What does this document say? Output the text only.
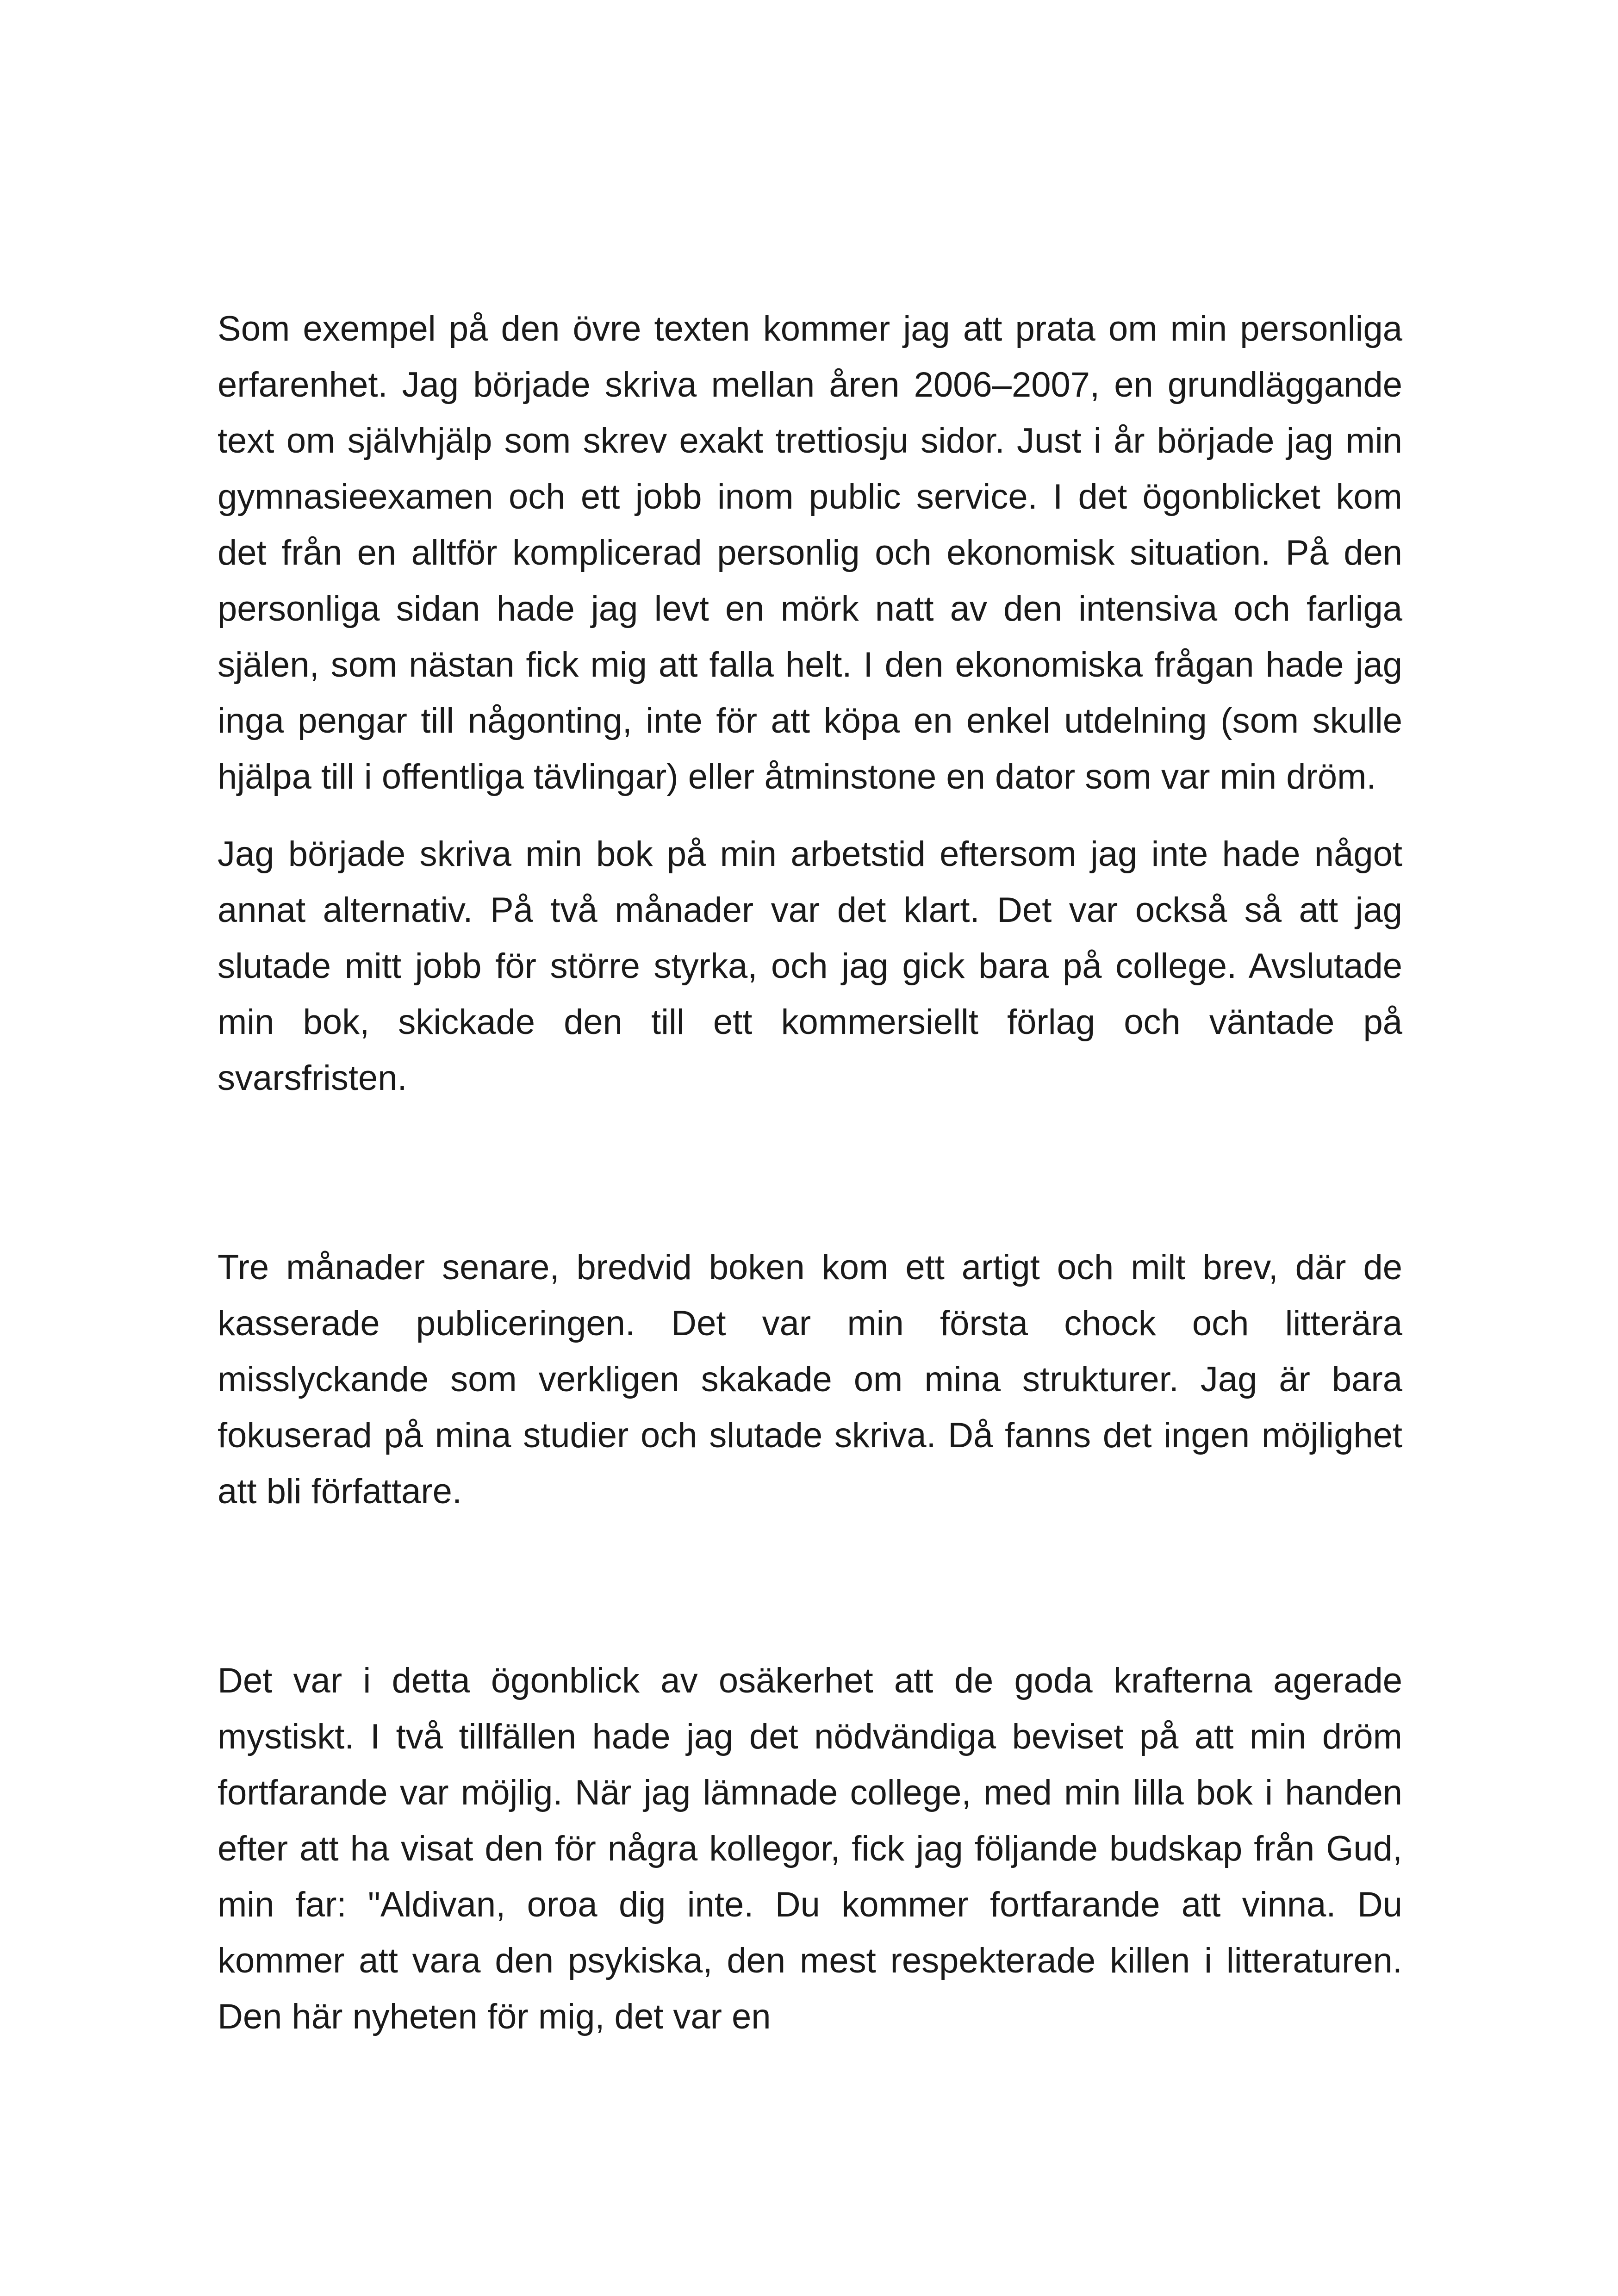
Som exempel på den övre texten kommer jag att prata om min personliga erfarenhet. Jag började skriva mellan åren 2006–2007, en grundläggande text om självhjälp som skrev exakt trettiosju sidor. Just i år började jag min gymnasieexamen och ett jobb inom public service. I det ögonblicket kom det från en alltför komplicerad personlig och ekonomisk situation. På den personliga sidan hade jag levt en mörk natt av den intensiva och farliga själen, som nästan fick mig att falla helt. I den ekonomiska frågan hade jag inga pengar till någonting, inte för att köpa en enkel utdelning (som skulle hjälpa till i offentliga tävlingar) eller åtminstone en dator som var min dröm.

Jag började skriva min bok på min arbetstid eftersom jag inte hade något annat alternativ. På två månader var det klart. Det var också så att jag slutade mitt jobb för större styrka, och jag gick bara på college. Avslutade min bok, skickade den till ett kommersiellt förlag och väntade på svarsfristen.

Tre månader senare, bredvid boken kom ett artigt och milt brev, där de kasserade publiceringen. Det var min första chock och litterära misslyckande som verkligen skakade om mina strukturer. Jag är bara fokuserad på mina studier och slutade skriva. Då fanns det ingen möjlighet att bli författare.

Det var i detta ögonblick av osäkerhet att de goda krafterna agerade mystiskt. I två tillfällen hade jag det nödvändiga beviset på att min dröm fortfarande var möjlig. När jag lämnade college, med min lilla bok i handen efter att ha visat den för några kollegor, fick jag följande budskap från Gud, min far: "Aldivan, oroa dig inte. Du kommer fortfarande att vinna. Du kommer att vara den psykiska, den mest respekterade killen i litteraturen. Den här nyheten för mig, det var en
